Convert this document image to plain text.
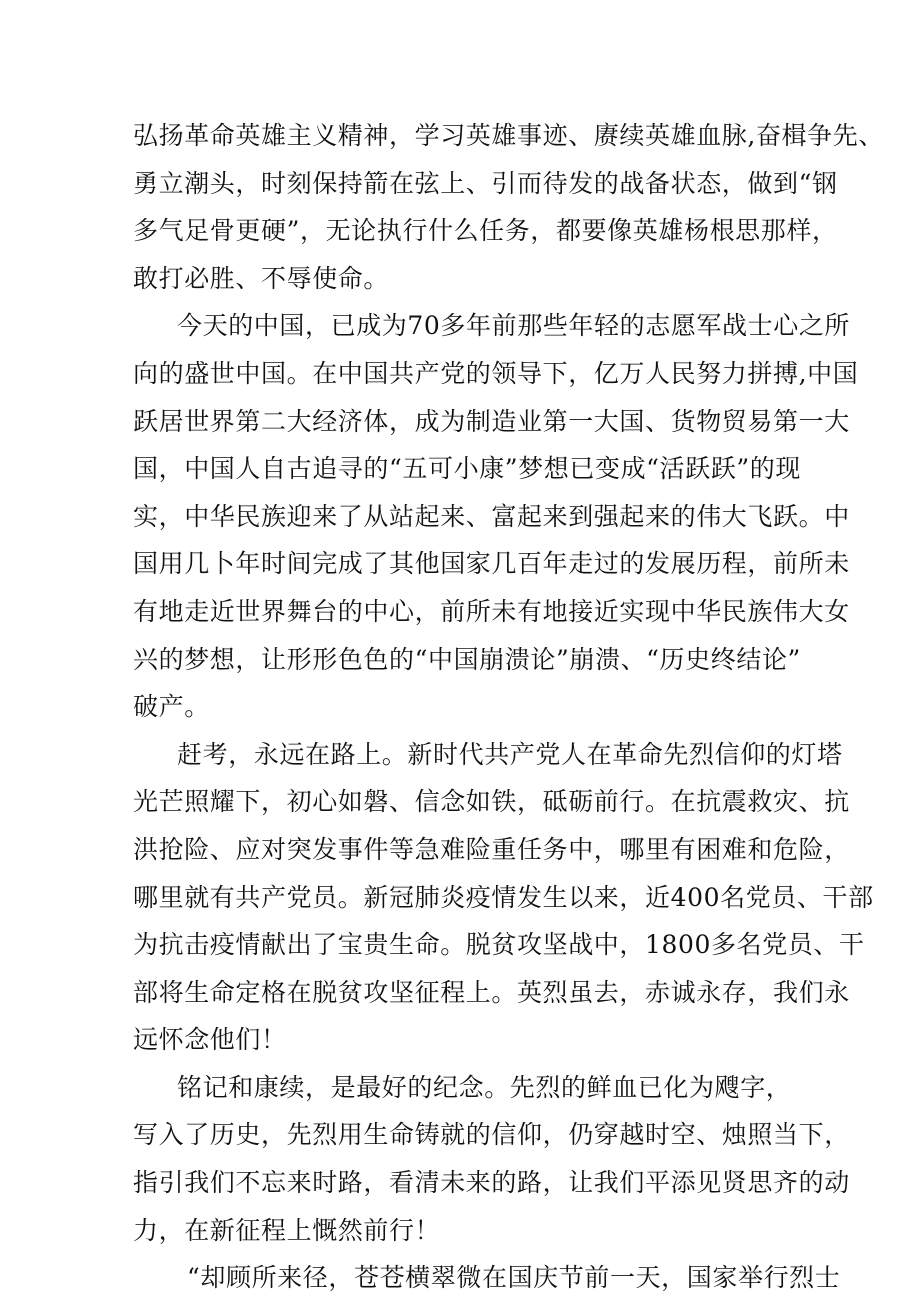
弘扬革命英雄主义精神，学习英雄事迹、赓续英雄血脉,奋楫争先、
勇立潮头，时刻保持箭在弦上、引而待发的战备状态，做到“钢
多气足骨更硬”，无论执行什么任务，都要像英雄杨根思那样，
敢打必胜、不辱使命。
今天的中国，已成为70多年前那些年轻的志愿军战士心之所
向的盛世中国。在中国共产党的领导下，亿万人民努力拼搏,中国
跃居世界第二大经济体，成为制造业第一大国、货物贸易第一大
国，中国人自古追寻的“五可小康”梦想已变成“活跃跃”的现
实，中华民族迎来了从站起来、富起来到强起来的伟大飞跃。中
国用几卜年时间完成了其他国家几百年走过的发展历程，前所未
有地走近世界舞台的中心，前所未有地接近实现中华民族伟大女
兴的梦想，让形形色色的“中国崩溃论”崩溃、“历史终结论”
破产。
赶考，永远在路上。新时代共产党人在革命先烈信仰的灯塔
光芒照耀下，初心如磐、信念如铁，砥砺前行。在抗震救灾、抗
洪抢险、应对突发事件等急难险重任务中，哪里有困难和危险，
哪里就有共产党员。新冠肺炎疫情发生以来，近400名党员、干部
为抗击疫情献出了宝贵生命。脱贫攻坚战中，1800多名党员、干
部将生命定格在脱贫攻坚征程上。英烈虽去，赤诚永存，我们永
远怀念他们！
铭记和康续，是最好的纪念。先烈的鲜血已化为飕字，
写入了历史，先烈用生命铸就的信仰，仍穿越时空、烛照当下，
指引我们不忘来时路，看清未来的路，让我们平添见贤思齐的动
力，在新征程上慨然前行！
“却顾所来径，苍苍横翠微在国庆节前一天，国家举行烈士
